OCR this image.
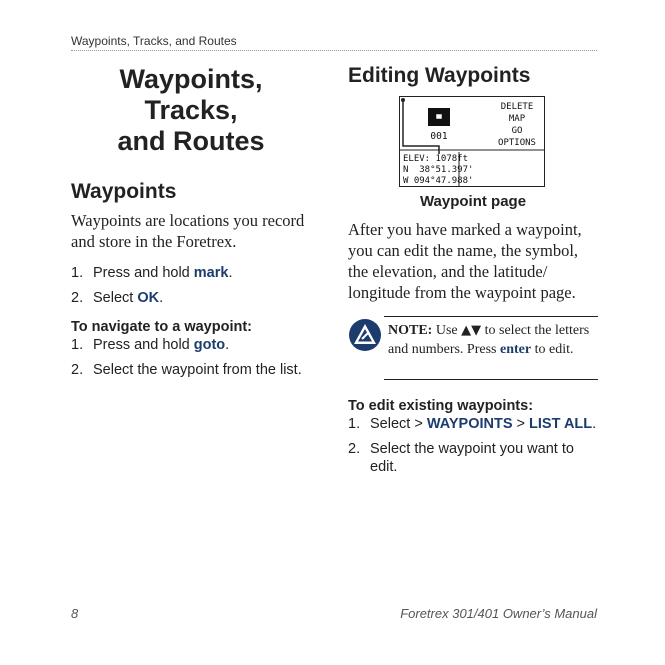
Waypoints, Tracks, and Routes
Waypoints, Tracks,
and Routes
Waypoints

Waypoints are locations you record and store in the Foretrex.

1. Press and hold mark.
2. Select OK.
To navigate to a waypoint:
1. Press and hold goto.
2. Select the waypoint from the list.
Editing Waypoints
001
DELETE
MAP
GO
OPTIONS
ELEV: 1078ft
N  38°51.397'
W 094°47.988'
Waypoint page

After you have marked a waypoint, you can edit the name, the symbol, the elevation, and the latitude/ longitude from the waypoint page.

NOTE: Use ▲▼ to select the letters and numbers. Press enter to edit.
To edit existing waypoints:
1. Select > WAYPOINTS > LIST ALL.
2. Select the waypoint you want to edit.
8	Foretrex 301/401 Owner’s Manual
